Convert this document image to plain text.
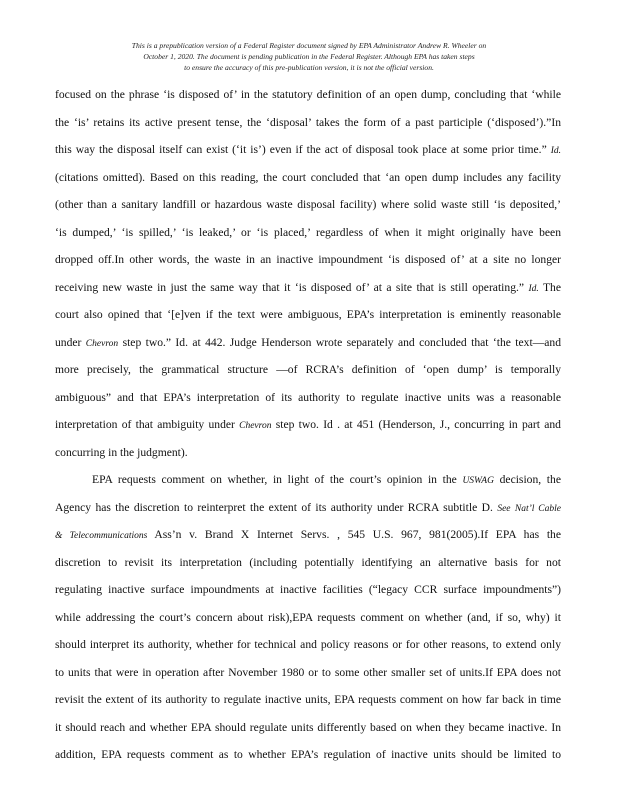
This is a prepublication version of a Federal Register document signed by EPA Administrator Andrew R. Wheeler on
October 1, 2020. The document is pending publication in the Federal Register. Although EPA has taken steps
to ensure the accuracy of this pre-publication version, it is not the official version.
focused on the phrase ‘is disposed of’ in the statutory definition of an open dump, concluding that ‘while
the ‘is’ retains its active present tense, the ‘disposal’ takes the form of a past participle (‘disposed’).”In
this way the disposal itself can exist (‘it is’) even if the act of disposal took place at some prior time.” Id.
(citations omitted). Based on this reading, the court concluded that ‘an open dump includes any facility
(other than a sanitary landfill or hazardous waste disposal facility) where solid waste still ‘is deposited,’
‘is dumped,’ ‘is spilled,’ ‘is leaked,’ or ‘is placed,’ regardless of when it might originally have been
dropped off.In other words, the waste in an inactive impoundment ‘is disposed of’ at a site no longer
receiving new waste in just the same way that it ‘is disposed of’ at a site that is still operating.” Id. The
court also opined that ‘[e]ven if the text were ambiguous, EPA’s interpretation is eminently reasonable
under Chevron step two.” Id. at 442. Judge Henderson wrote separately and concluded that ‘the text—and
more precisely, the grammatical structure —of RCRA’s definition of ‘open dump’ is temporally
ambiguous” and that EPA’s interpretation of its authority to regulate inactive units was a reasonable
interpretation of that ambiguity under Chevron step two. Id . at 451 (Henderson, J., concurring in part and
concurring in the judgment).
EPA requests comment on whether, in light of the court’s opinion in the USWAG decision, the
Agency has the discretion to reinterpret the extent of its authority under RCRA subtitle D. See Nat’l Cable
& Telecommunications Ass’n v. Brand X Internet Servs. , 545 U.S. 967, 981(2005).If EPA has the
discretion to revisit its interpretation (including potentially identifying an alternative basis for not
regulating inactive surface impoundments at inactive facilities (“legacy CCR surface impoundments”)
while addressing the court’s concern about risk),EPA requests comment on whether (and, if so, why) it
should interpret its authority, whether for technical and policy reasons or for other reasons, to extend only
to units that were in operation after November 1980 or to some other smaller set of units.If EPA does not
revisit the extent of its authority to regulate inactive units, EPA requests comment on how far back in time
it should reach and whether EPA should regulate units differently based on when they became inactive. In
addition, EPA requests comment as to whether EPA’s regulation of inactive units should be limited to
